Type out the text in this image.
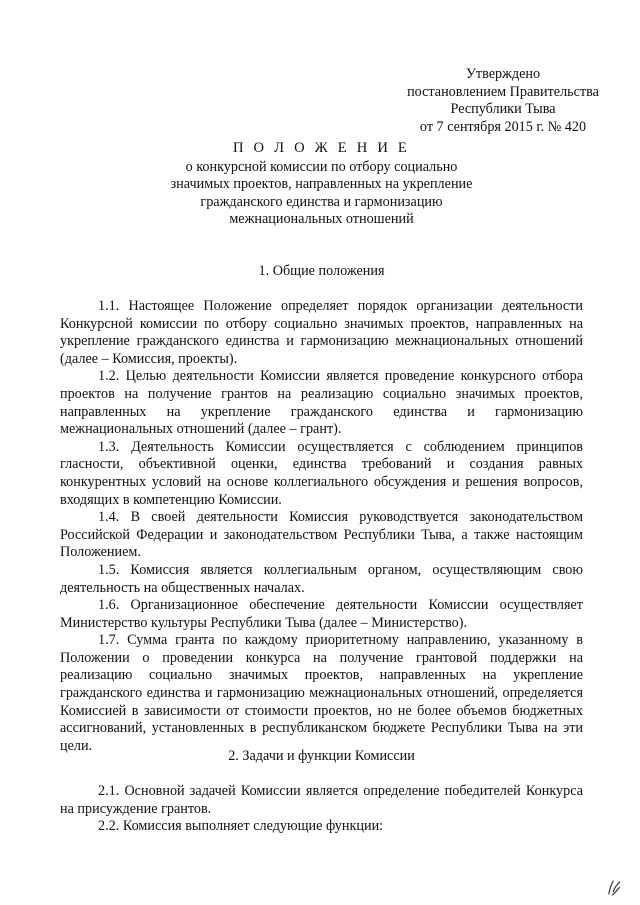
Утверждено
постановлением Правительства
Республики Тыва
от 7 сентября 2015 г. № 420
П О Л О Ж Е Н И Е
о конкурсной комиссии по отбору социально
значимых проектов, направленных на укрепление
гражданского единства и гармонизацию
межнациональных отношений
1. Общие положения

1.1. Настоящее Положение определяет порядок организации деятельности Конкурсной комиссии по отбору социально значимых проектов, направленных на укрепление гражданского единства и гармонизацию межнациональных отношений (далее – Комиссия, проекты).

1.2. Целью деятельности Комиссии является проведение конкурсного отбора проектов на получение грантов на реализацию социально значимых проектов, направленных на укрепление гражданского единства и гармонизацию межнациональных отношений (далее – грант).

1.3. Деятельность Комиссии осуществляется с соблюдением принципов гласности, объективной оценки, единства требований и создания равных конкурентных условий на основе коллегиального обсуждения и решения вопросов, входящих в компетенцию Комиссии.

1.4. В своей деятельности Комиссия руководствуется законодательством Российской Федерации и законодательством Республики Тыва, а также настоящим Положением.

1.5. Комиссия является коллегиальным органом, осуществляющим свою деятельность на общественных началах.

1.6. Организационное обеспечение деятельности Комиссии осуществляет Министерство культуры Республики Тыва (далее – Министерство).

1.7. Сумма гранта по каждому приоритетному направлению, указанному в Положении о проведении конкурса на получение грантовой поддержки на реализацию социально значимых проектов, направленных на укрепление гражданского единства и гармонизацию межнациональных отношений, определяется Комиссией в зависимости от стоимости проектов, но не более объемов бюджетных ассигнований, установленных в республиканском бюджете Республики Тыва на эти цели.

2. Задачи и функции Комиссии

2.1. Основной задачей Комиссии является определение победителей Конкурса на присуждение грантов.

2.2. Комиссия выполняет следующие функции:
